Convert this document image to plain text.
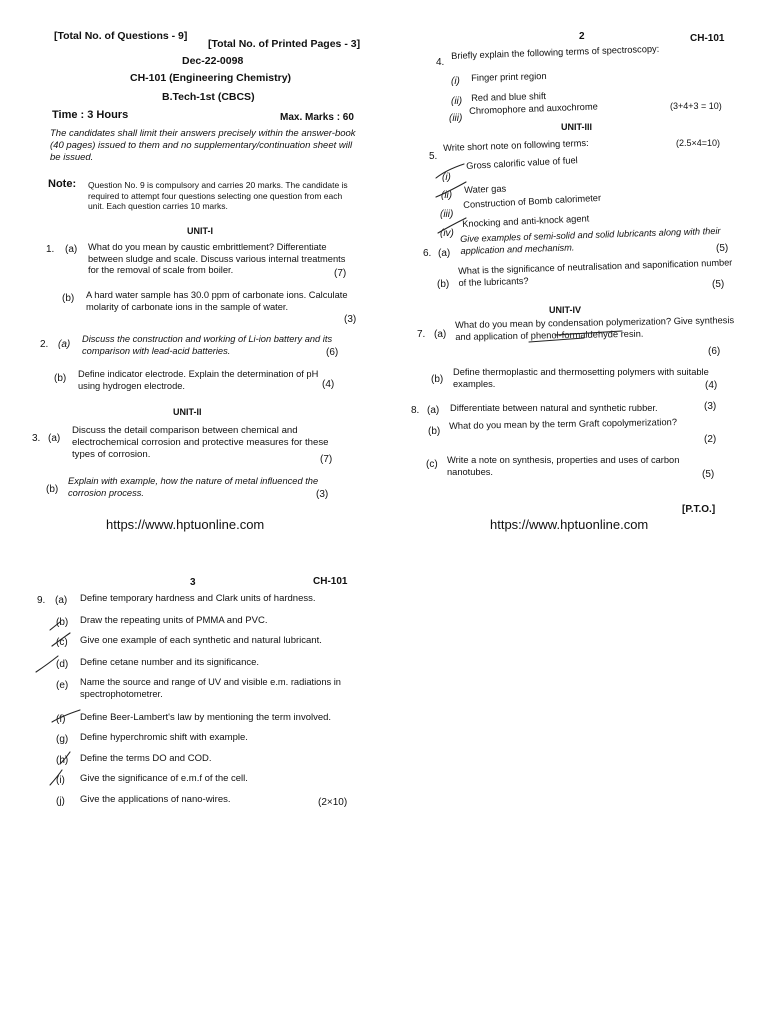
[Total No. of Questions - 9]
[Total No. of Printed Pages - 3]
Dec-22-0098
CH-101 (Engineering Chemistry)
B.Tech-1st (CBCS)
Time : 3 Hours	Max. Marks : 60
The candidates shall limit their answers precisely within the answer-book (40 pages) issued to them and no supplementary/continuation sheet will be issued.
Note: Question No. 9 is compulsory and carries 20 marks. The candidate is required to attempt four questions selecting one question from each unit. Each question carries 10 marks.
UNIT-I
1. (a) What do you mean by caustic embrittlement? Differentiate between sludge and scale. Discuss various internal treatments for the removal of scale from boiler.	(7)
(b) A hard water sample has 30.0 ppm of carbonate ions. Calculate molarity of carbonate ions in the sample of water.
(3)
2. (a) Discuss the construction and working of Li-ion battery and its comparison with lead-acid batteries.	(6)
(b) Define indicator electrode. Explain the determination of pH using hydrogen electrode.	(4)
UNIT-II
3. (a)
Discuss the detail comparison between chemical and electrochemical corrosion and protective measures for these types of corrosion.	(7)
(b)
Explain with example, how the nature of metal influenced the corrosion process.	(3)
https://www.hptuonline.com
2	CH-101
4.
Briefly explain the following terms of spectroscopy:
(i) Finger print region
(ii) Red and blue shift
(iii)
Chromophore and auxochrome	(3+4+3 = 10)
UNIT-III
5.
Write short note on following terms:	(2.5×4=10)
(i)
Gross calorific value of fuel
(ii)
Water gas
(iii)
Construction of Bomb calorimeter
(iv)
Knocking and anti-knock agent
6. (a)
Give examples of semi-solid and solid lubricants along with their application and mechanism.	(5)
(b)
What is the significance of neutralisation and saponification number of the lubricants?	(5)
UNIT-IV
7. (a)
What do you mean by condensation polymerization? Give synthesis and application of phenol-formaldehyde resin.
(6)
(b)
Define thermoplastic and thermosetting polymers with suitable examples.	(4)
8. (a) Differentiate between natural and synthetic rubber.	(3)
(b)
What do you mean by the term Graft copolymerization?
(2)
(c) Write a note on synthesis, properties and uses of carbon nanotubes.	(5)
[P.T.O.]
https://www.hptuonline.com
3	CH-101
9. (a) Define temporary hardness and Clark units of hardness.
(b) Draw the repeating units of PMMA and PVC.
(c) Give one example of each synthetic and natural lubricant.
(d) Define cetane number and its significance.
(e) Name the source and range of UV and visible e.m. radiations in spectrophotometrer.
(f) Define Beer-Lambert's law by mentioning the term involved.
(g) Define hyperchromic shift with example.
(h) Define the terms DO and COD.
(i) Give the significance of e.m.f of the cell.
(j) Give the applications of nano-wires.	(2×10)
